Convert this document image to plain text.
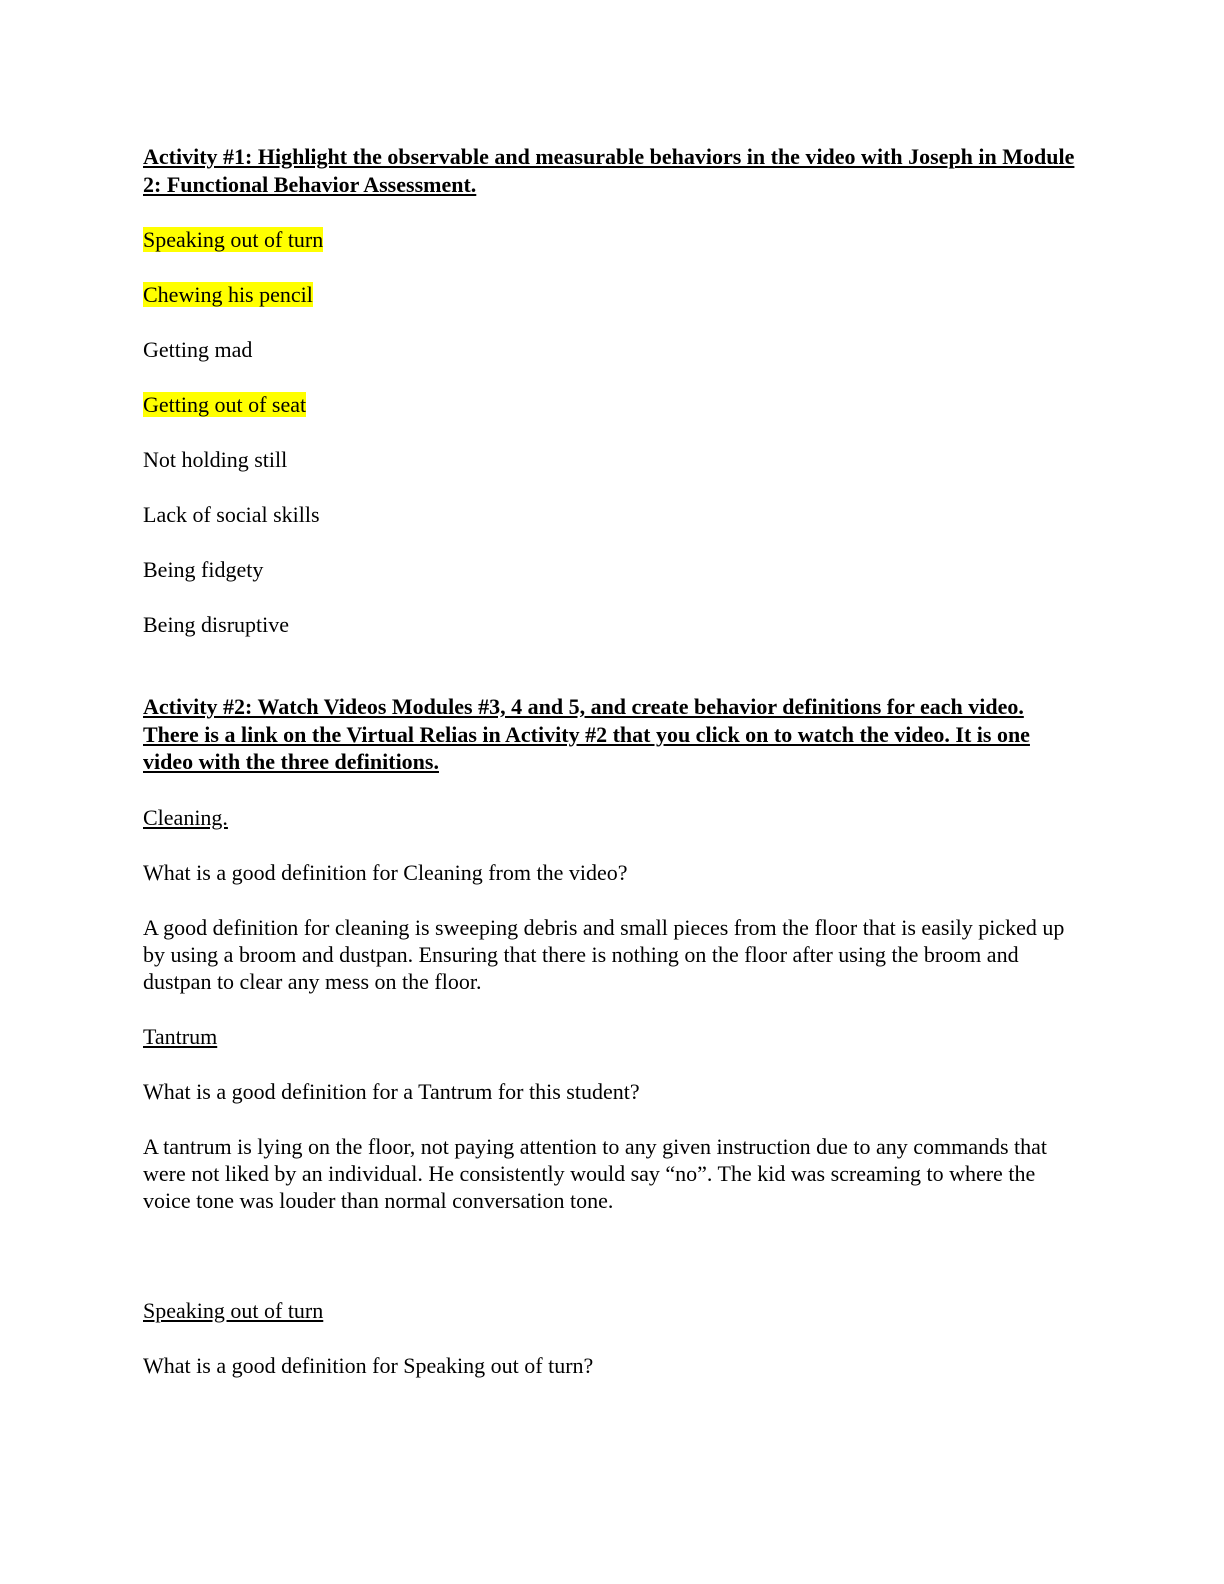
Activity #1: Highlight the observable and measurable behaviors in the video with Joseph in Module 2: Functional Behavior Assessment.

Speaking out of turn

Chewing his pencil

Getting mad

Getting out of seat

Not holding still

Lack of social skills

Being fidgety

Being disruptive

Activity #2: Watch Videos Modules #3, 4 and 5, and create behavior definitions for each video. There is a link on the Virtual Relias in Activity #2 that you click on to watch the video. It is one video with the three definitions.

Cleaning.

What is a good definition for Cleaning from the video?

A good definition for cleaning is sweeping debris and small pieces from the floor that is easily picked up by using a broom and dustpan. Ensuring that there is nothing on the floor after using the broom and dustpan to clear any mess on the floor.

Tantrum

What is a good definition for a Tantrum for this student?

A tantrum is lying on the floor, not paying attention to any given instruction due to any commands that were not liked by an individual. He consistently would say “no”. The kid was screaming to where the voice tone was louder than normal conversation tone.

Speaking out of turn

What is a good definition for Speaking out of turn?
